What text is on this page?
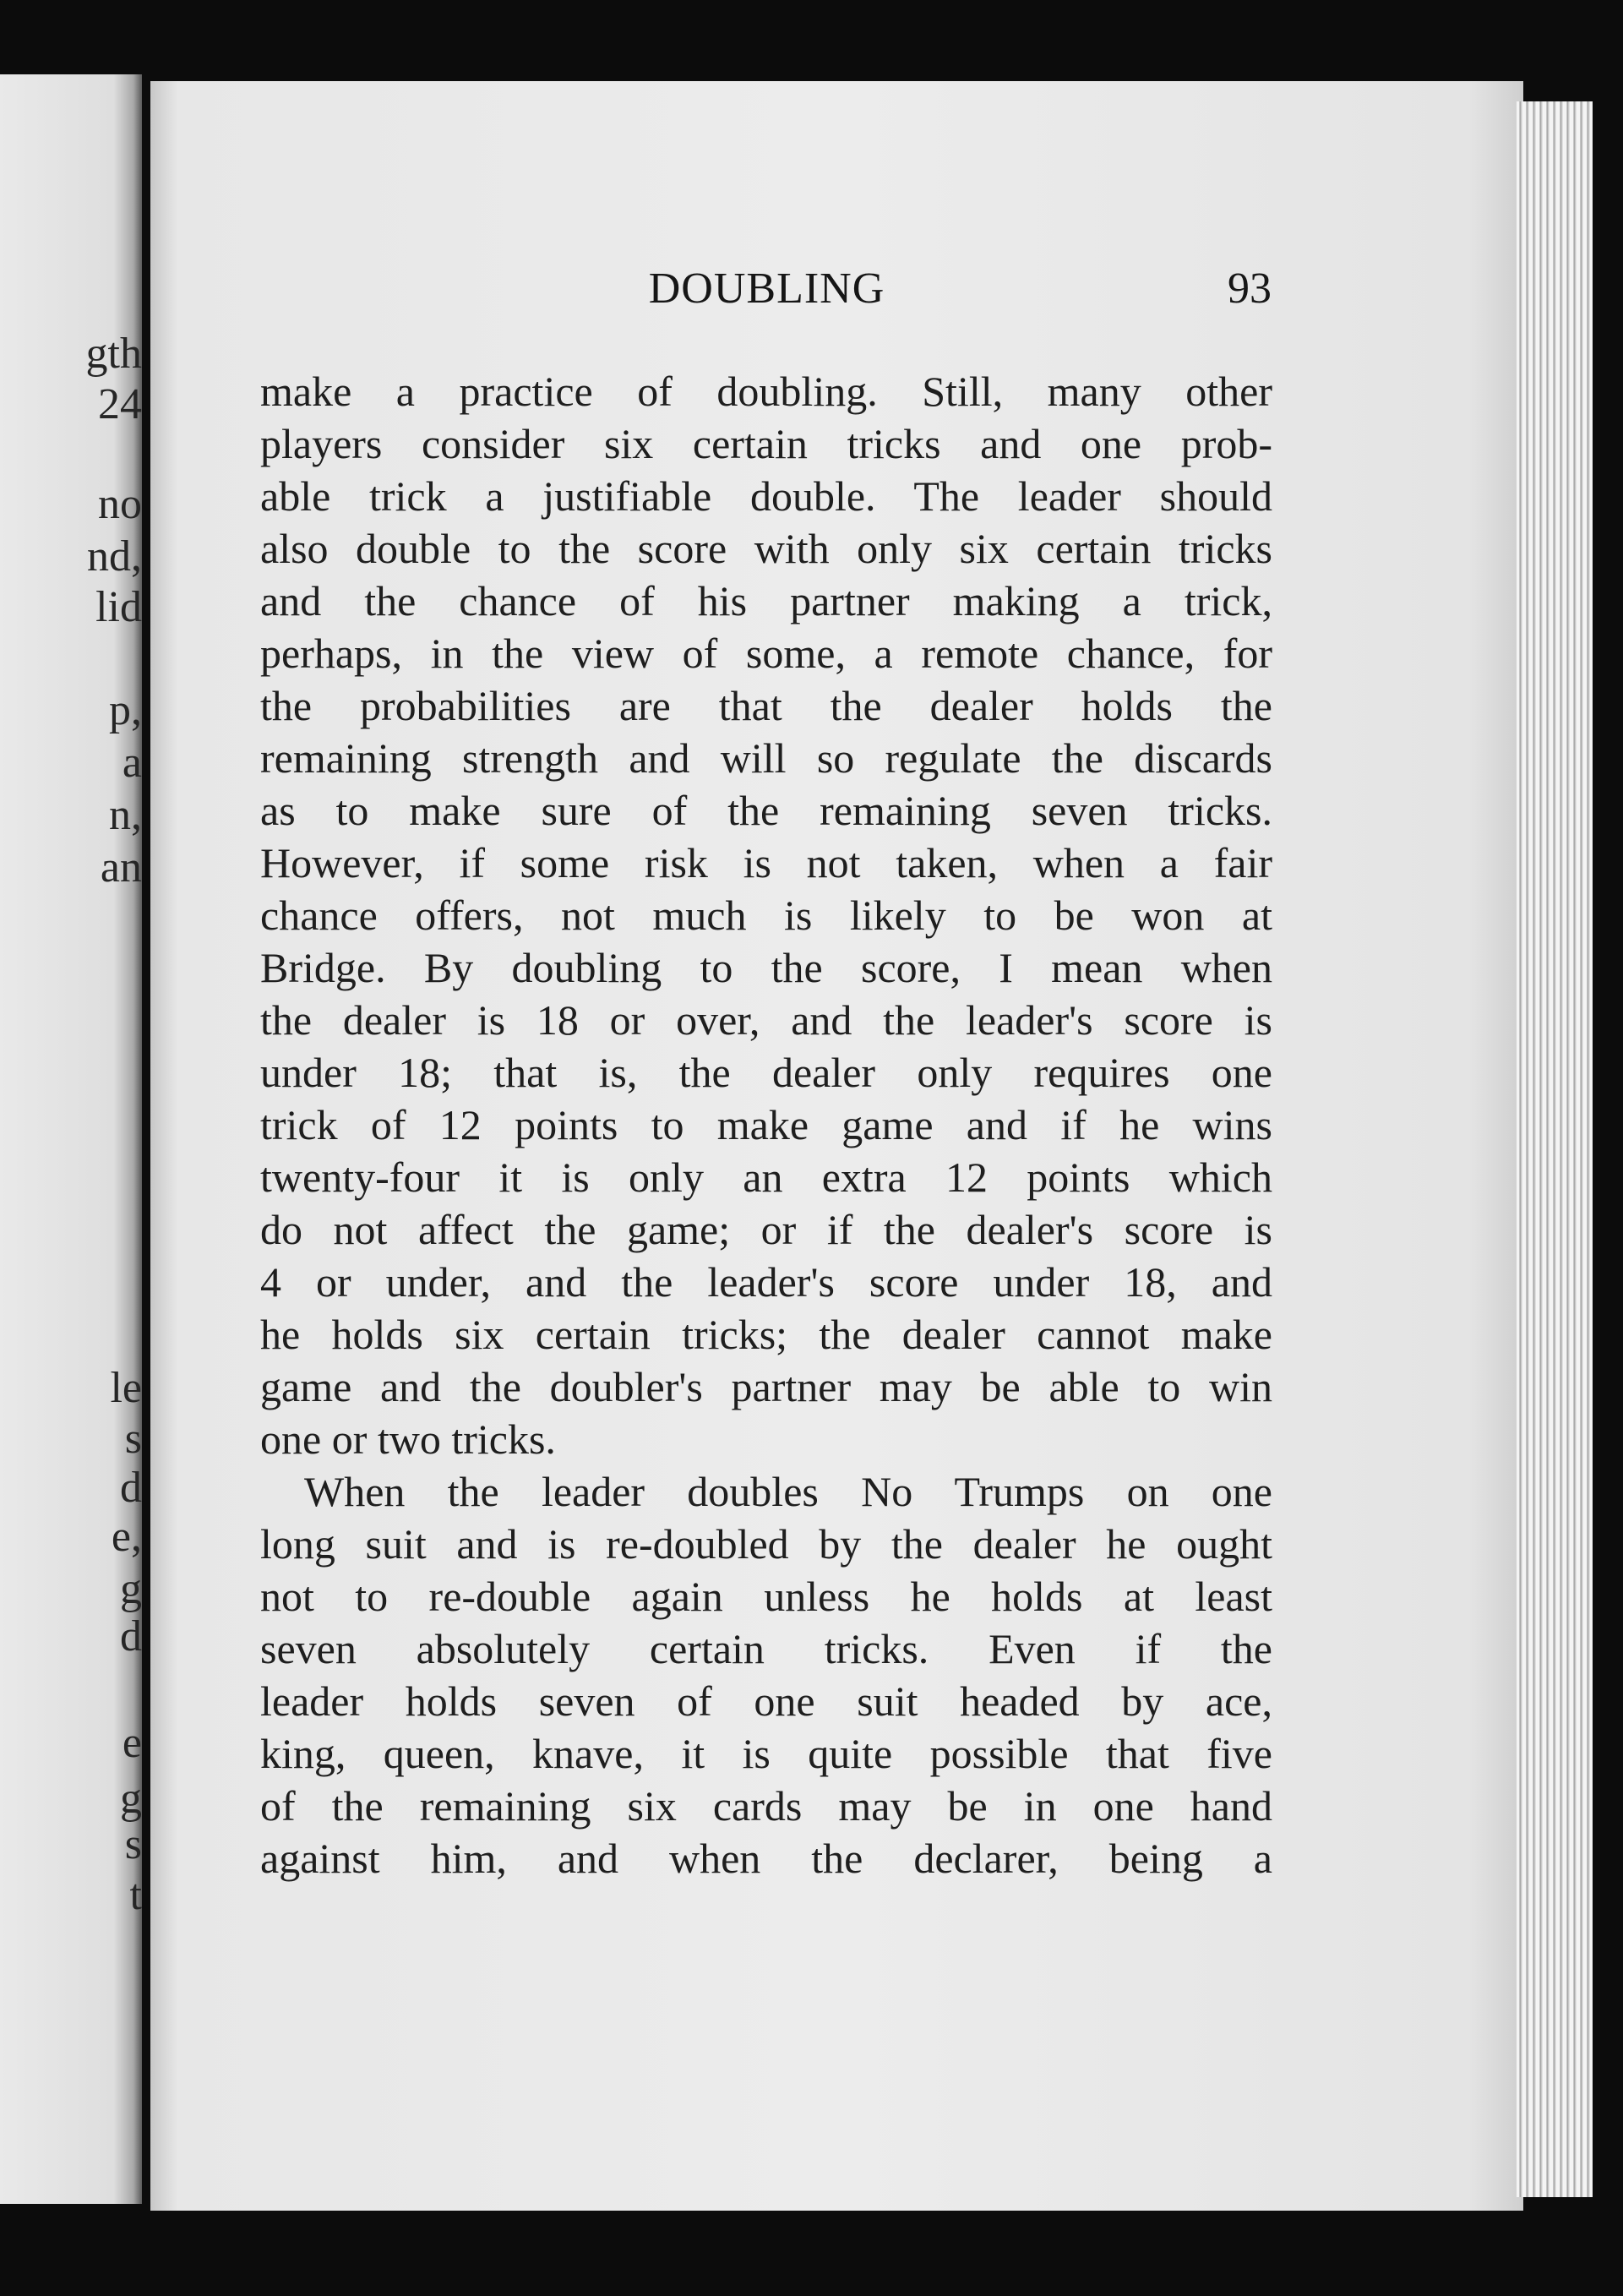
gth
24
no
nd,
lid
p,
a
n,
an
le
s
d
e,
g
d
e
g
s
t
DOUBLING	93
make a practice of doubling. Still, many other
players consider six certain tricks and one prob-
able trick a justifiable double. The leader should
also double to the score with only six certain tricks
and the chance of his partner making a trick,
perhaps, in the view of some, a remote chance, for
the probabilities are that the dealer holds the
remaining strength and will so regulate the discards
as to make sure of the remaining seven tricks.
However, if some risk is not taken, when a fair
chance offers, not much is likely to be won at
Bridge. By doubling to the score, I mean when
the dealer is 18 or over, and the leader's score is
under 18; that is, the dealer only requires one
trick of 12 points to make game and if he wins
twenty-four it is only an extra 12 points which
do not affect the game; or if the dealer's score is
4 or under, and the leader's score under 18, and
he holds six certain tricks; the dealer cannot make
game and the doubler's partner may be able to win
one or two tricks.
When the leader doubles No Trumps on one
long suit and is re-doubled by the dealer he ought
not to re-double again unless he holds at least
seven absolutely certain tricks. Even if the
leader holds seven of one suit headed by ace,
king, queen, knave, it is quite possible that five
of the remaining six cards may be in one hand
against him, and when the declarer, being a
